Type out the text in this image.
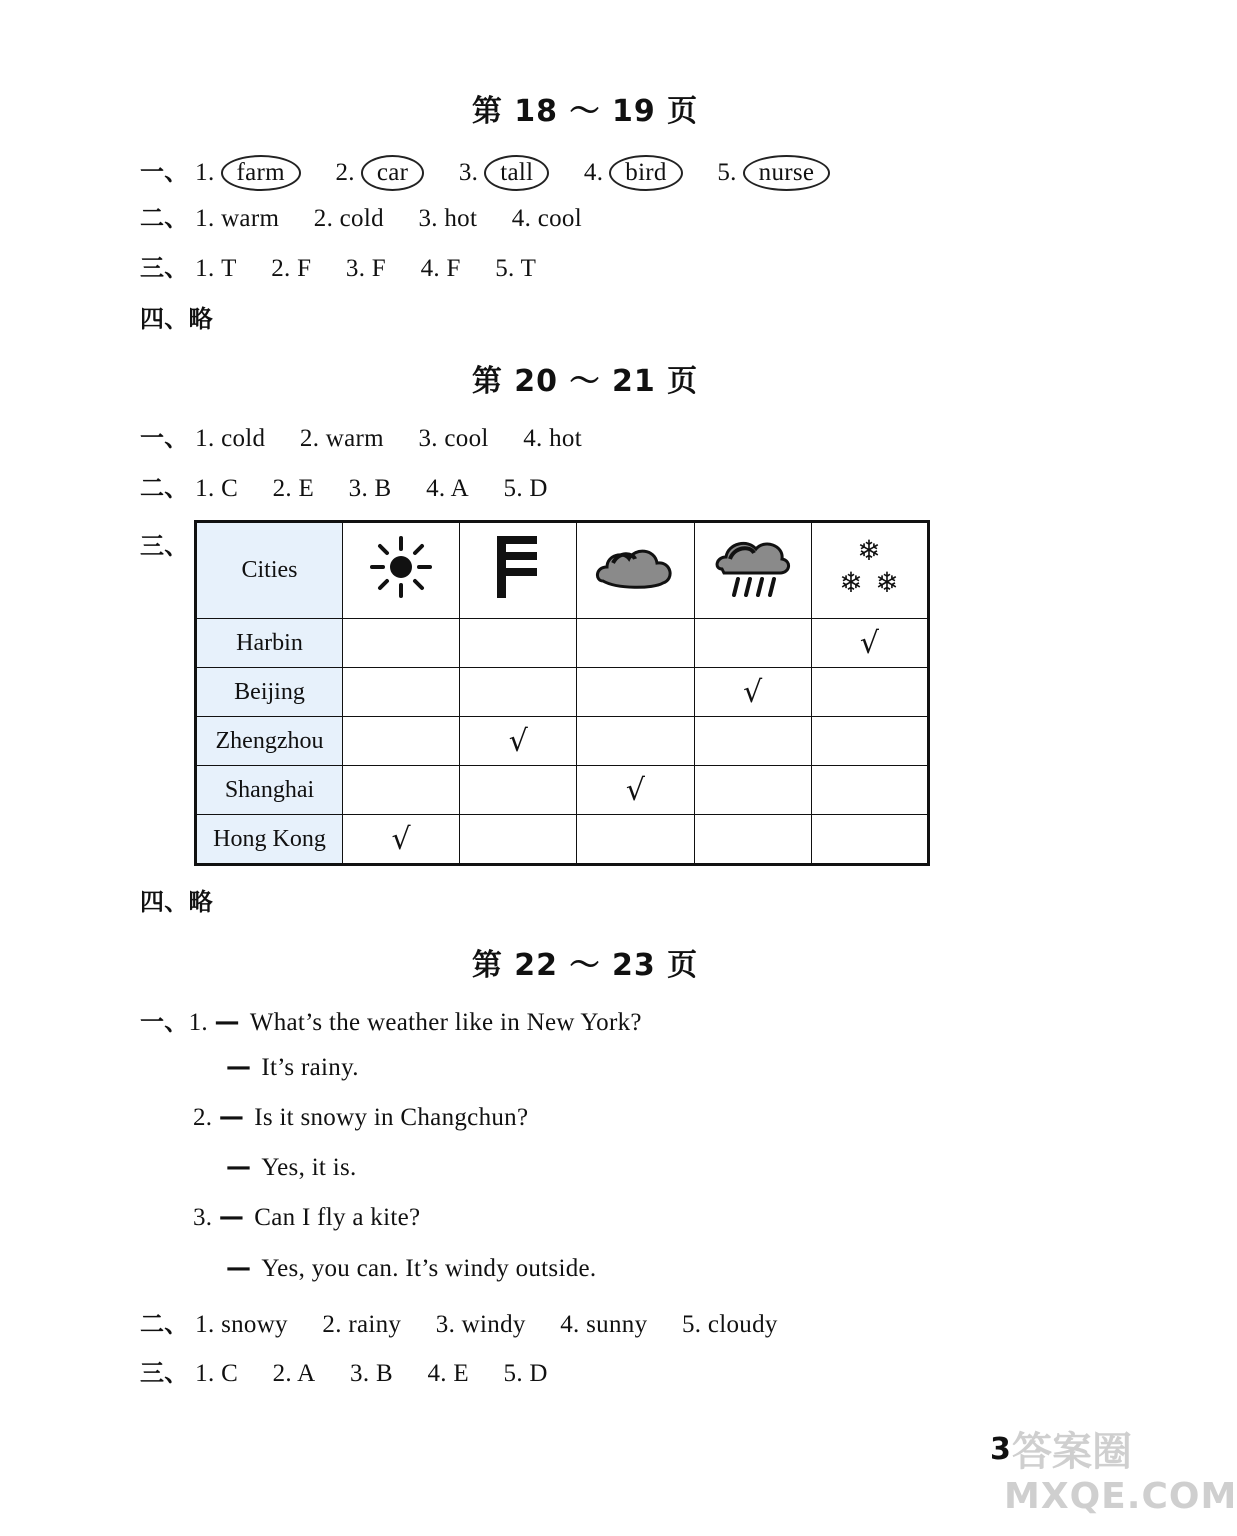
第 18 ～ 19 页
一、 1. farm 2. car 3. tall 4. bird 5. nurse
二、 1. warm 2. cold 3. hot 4. cool
三、 1. T 2. F 3. F 4. F 5. T
四、略
第 20 ～ 21 页
一、 1. cold 2. warm 3. cool 4. hot
二、 1. C 2. E 3. B 4. A 5. D
三、
Cities					❄
❄ ❄

Harbin					√
Beijing				√	
Zhengzhou		√			
Shanghai			√		
Hong Kong	√				
四、略
第 22 ～ 23 页
一、1. — What’s the weather like in New York?
— It’s rainy.
2. — Is it snowy in Changchun?
— Yes, it is.
3. — Can I fly a kite?
— Yes, you can. It’s windy outside.
二、 1. snowy 2. rainy 3. windy 4. sunny 5. cloudy
三、 1. C 2. A 3. B 4. E 5. D
答案圈
MXQE.COM
3
